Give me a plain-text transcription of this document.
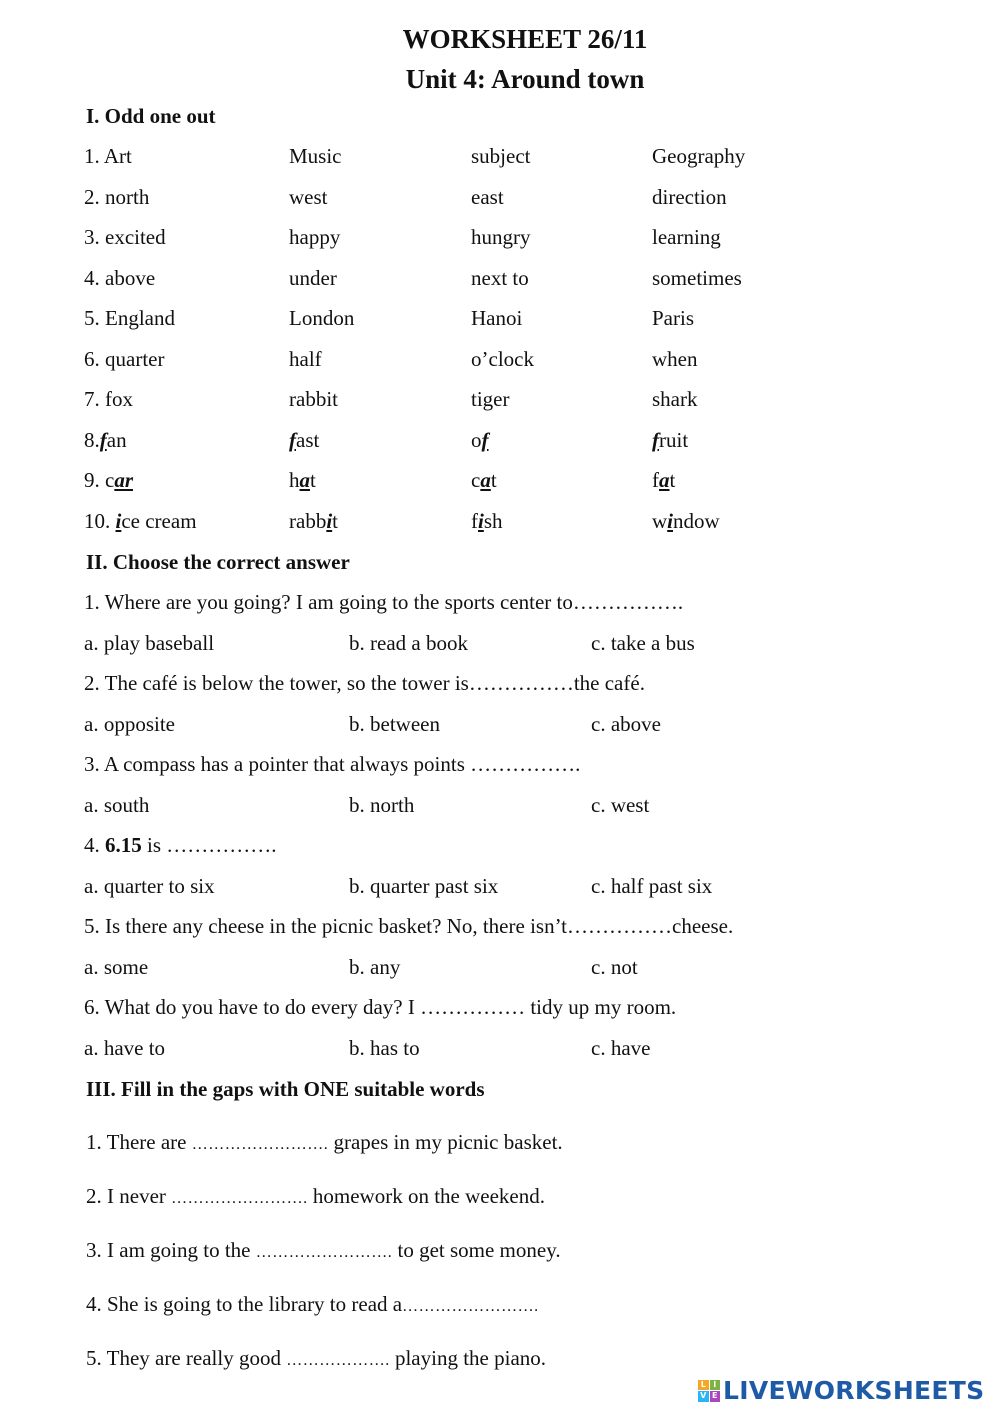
WORKSHEET 26/11
Unit 4: Around town
I. Odd one out
1. Art	Music	subject	Geography
2. north	west	east	direction
3. excited	happy	hungry	learning
4. above	under	next to	sometimes
5. England	London	Hanoi	Paris
6. quarter	half	o’clock	when
7. fox	rabbit	tiger	shark
8.fan	fast	of	fruit
9. car	hat	cat	fat
10. ice cream	rabbit	fish	window
II. Choose the correct answer
1. Where are you going? I am going to the sports center to…………….
a. play baseball	b. read a book	c. take a bus
2. The café is below the tower, so the tower is……………the café.
a. opposite	b. between	c. above
3. A compass has a pointer that always points …………….
a. south	b. north	c. west
4. 6.15 is …………….
a. quarter to six	b. quarter past six	c. half past six
5. Is there any cheese in the picnic basket? No, there isn’t……………cheese.
a. some	b. any	c. not
6. What do you have to do every day? I …………… tidy up my room.
a. have to	b. has to	c. have
III. Fill in the gaps with ONE suitable words
1. There are ……………………. grapes in my picnic basket.
2. I never ……………………. homework on the weekend.
3. I am going to the ……………………. to get some money.
4. She is going to the library to read a…………………….
5. They are really good ………………. playing the piano.
L I
V E LIVEWORKSHEETS
